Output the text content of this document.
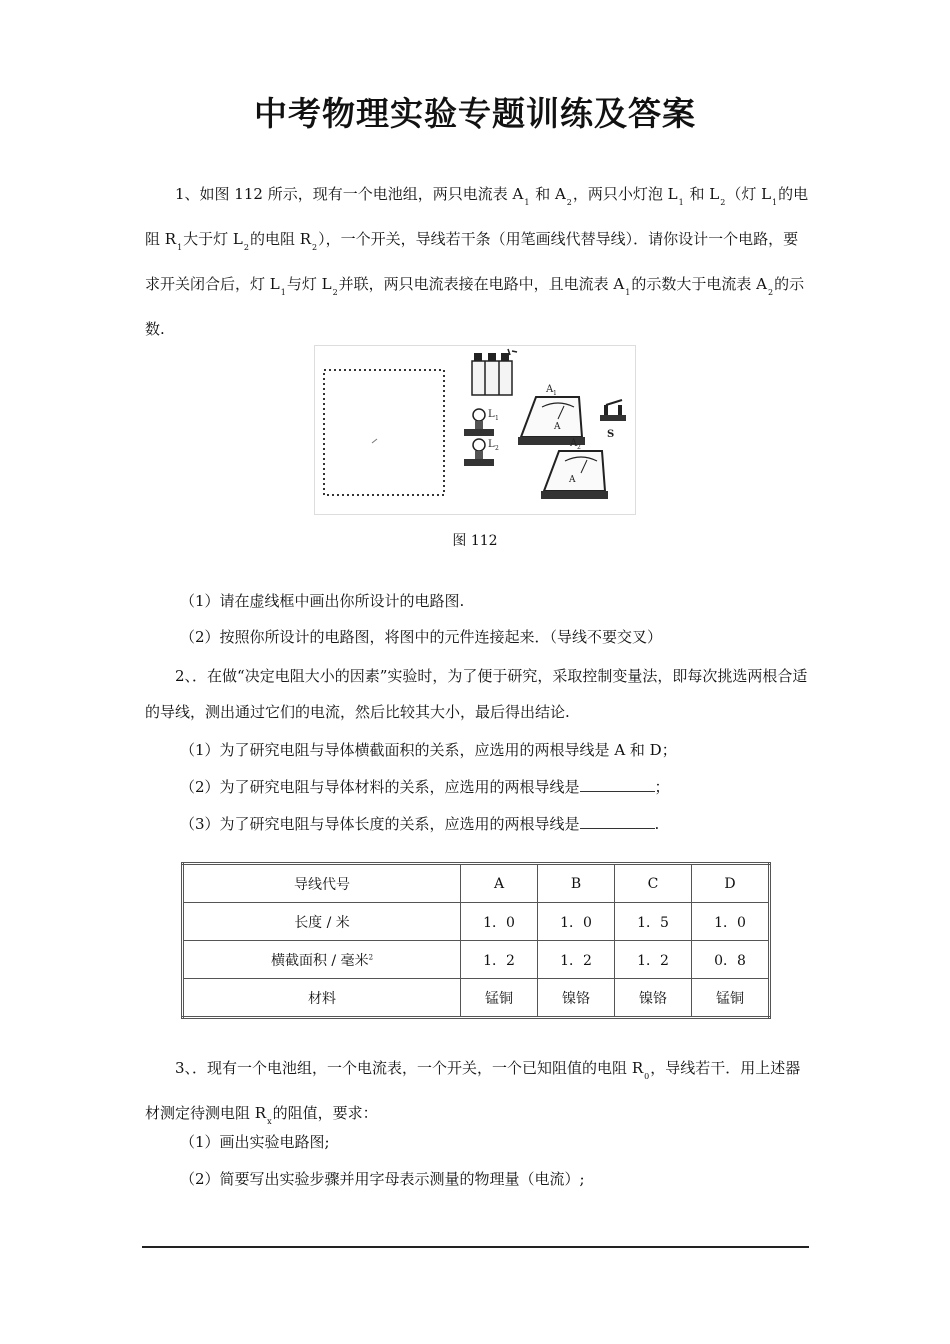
中考物理实验专题训练及答案
1、如图 112 所示，现有一个电池组，两只电流表 $A_1$ 和 $A_2$，两只小灯泡 $L_1$ 和 $L_2$（灯 $L_1$的电阻 $R_1$大于灯 $L_2$的电阻 $R_2$），一个开关，导线若干条（用笔画线代替导线）．请你设计一个电路，要求开关闭合后，灯 $L_1$与灯 $L_2$并联，两只电流表接在电路中，且电流表 $A_1$的示数大于电流表 $A_2$的示数.
L 1
L 2
A
A 1
A
A 2
S
图 112
（1）请在虚线框中画出你所设计的电路图.
（2）按照你所设计的电路图，将图中的元件连接起来．（导线不要交叉）
2、．在做“决定电阻大小的因素”实验时，为了便于研究，采取控制变量法，即每次挑选两根合适的导线，测出通过它们的电流，然后比较其大小，最后得出结论.
（1）为了研究电阻与导体横截面积的关系，应选用的两根导线是 A 和 D；
（2）为了研究电阻与导体材料的关系，应选用的两根导线是	；
（3）为了研究电阻与导体长度的关系，应选用的两根导线是	.
导线代号	A	B	C	D
长度 / 米	1．0	1．0	1．5	1．0
横截面积 / 毫米$^2$	1．2	1．2	1．2	0．8
材料	锰铜	镍铬	镍铬	锰铜
3、．现有一个电池组，一个电流表，一个开关，一个已知阻值的电阻 $R_0$，导线若干．用上述器材测定待测电阻 $R_x$的阻值，要求：
（1）画出实验电路图;
（2）简要写出实验步骤并用字母表示测量的物理量（电流）;
